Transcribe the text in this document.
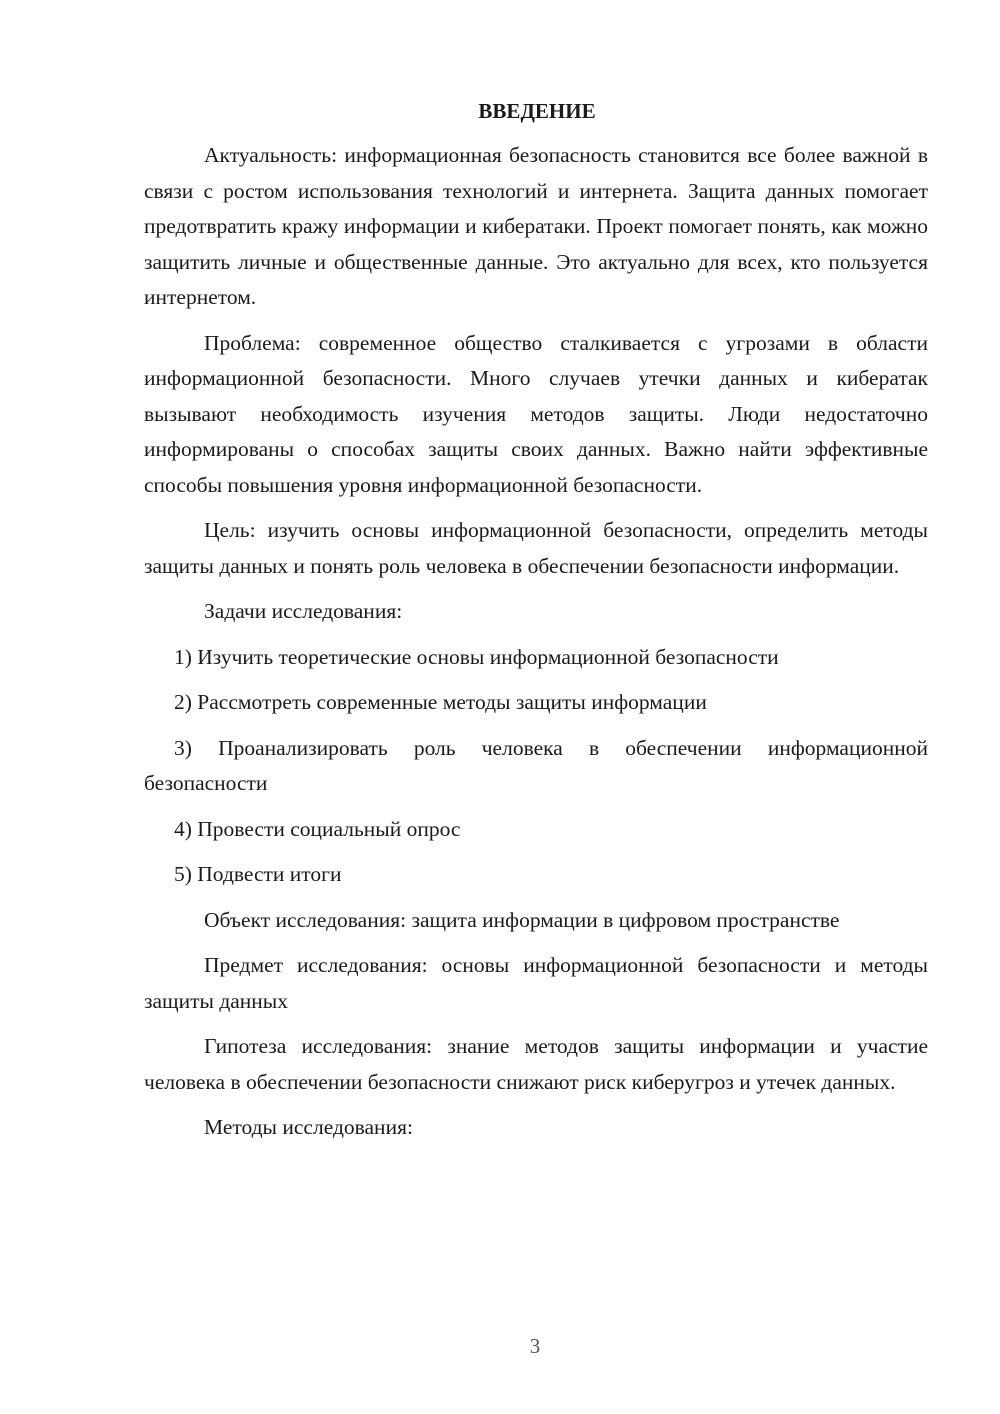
ВВЕДЕНИЕ

Актуальность: информационная безопасность становится все более важной в связи с ростом использования технологий и интернета. Защита данных помогает предотвратить кражу информации и кибератаки. Проект помогает понять, как можно защитить личные и общественные данные. Это актуально для всех, кто пользуется интернетом.

Проблема: современное общество сталкивается с угрозами в области информационной безопасности. Много случаев утечки данных и кибератак вызывают необходимость изучения методов защиты. Люди недостаточно информированы о способах защиты своих данных. Важно найти эффективные способы повышения уровня информационной безопасности.

Цель: изучить основы информационной безопасности, определить методы защиты данных и понять роль человека в обеспечении безопасности информации.

Задачи исследования:

1) Изучить теоретические основы информационной безопасности

2) Рассмотреть современные методы защиты информации

3) Проанализировать роль человека в обеспечении информационной безопасности

4) Провести социальный опрос

5) Подвести итоги

Объект исследования: защита информации в цифровом пространстве

Предмет исследования: основы информационной безопасности и методы защиты данных

Гипотеза исследования: знание методов защиты информации и участие человека в обеспечении безопасности снижают риск киберугроз и утечек данных.

Методы исследования:

3
